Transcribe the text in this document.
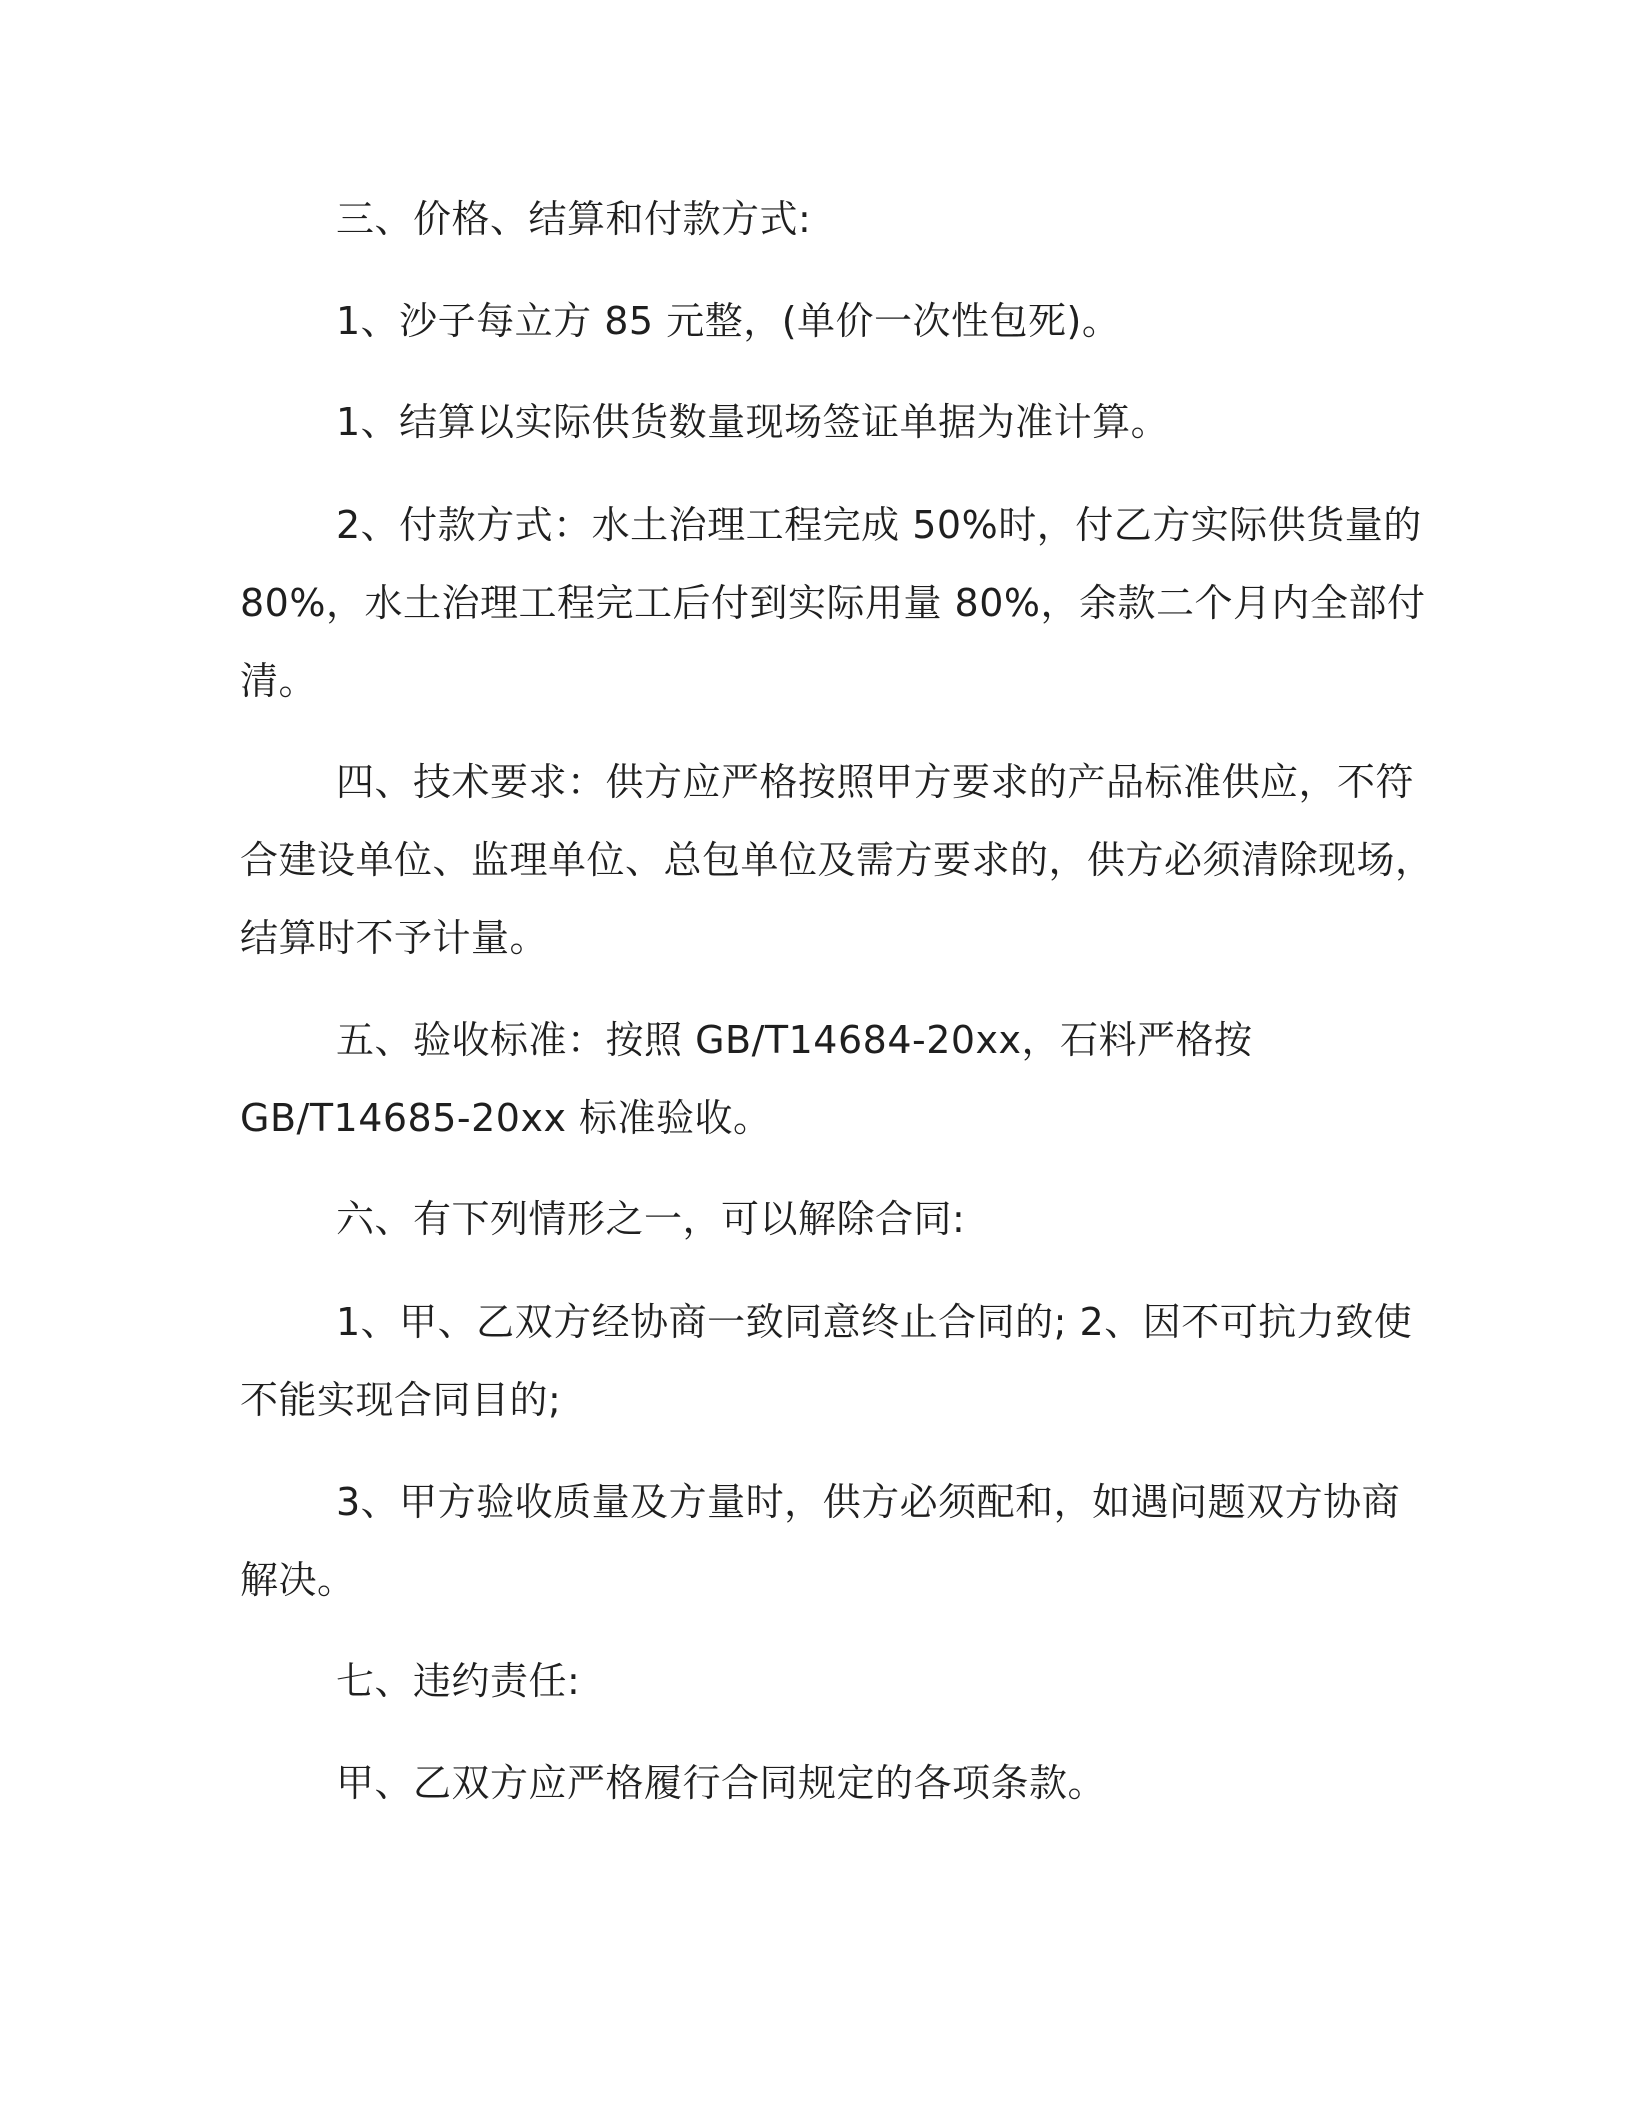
三、价格、结算和付款方式:

1、沙子每立方 85 元整，(单价一次性包死)。

1、结算以实际供货数量现场签证单据为准计算。

2、付款方式：水土治理工程完成 50%时，付乙方实际供货量的

80%，水土治理工程完工后付到实际用量 80%，余款二个月内全部付

清。

四、技术要求：供方应严格按照甲方要求的产品标准供应，不符

合建设单位、监理单位、总包单位及需方要求的，供方必须清除现场，

结算时不予计量。

五、验收标准：按照 GB/T14684-20xx，石料严格按

GB/T14685-20xx 标准验收。

六、有下列情形之一，可以解除合同:

1、甲、乙双方经协商一致同意终止合同的; 2、因不可抗力致使

不能实现合同目的;

3、甲方验收质量及方量时，供方必须配和，如遇问题双方协商

解决。

七、违约责任:

甲、乙双方应严格履行合同规定的各项条款。
